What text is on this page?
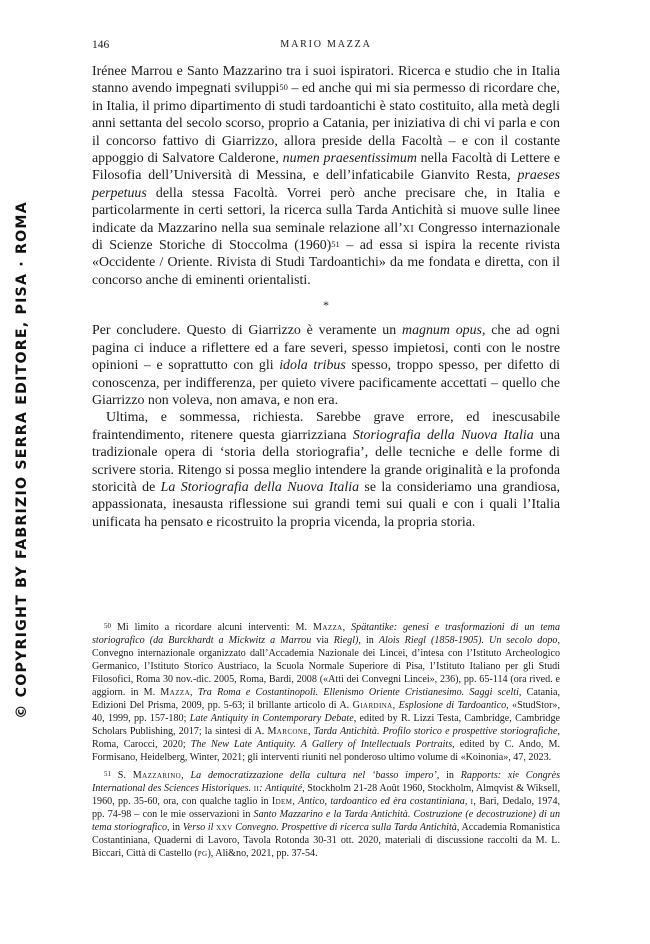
© COPYRIGHT BY FABRIZIO SERRA EDITORE, PISA · ROMA
146	MARIO MAZZA

Irénee Marrou e Santo Mazzarino tra i suoi ispiratori. Ricerca e studio che in Italia stanno avendo impegnati sviluppi$^{50}$ – ed anche qui mi sia permesso di ricordare che, in Italia, il primo dipartimento di studi tardoantichi è stato costituito, alla metà degli anni settanta del secolo scorso, proprio a Catania, per iniziativa di chi vi parla e con il concorso fattivo di Giarrizzo, allora preside della Facoltà – e con il costante appoggio di Salvatore Calderone, numen praesentissimum nella Facoltà di Lettere e Filosofia dell’Università di Messina, e dell’infaticabile Gianvito Resta, praeses perpetuus della stessa Facoltà. Vorrei però anche precisare che, in Italia e particolarmente in certi settori, la ricerca sulla Tarda Antichità si muove sulle linee indicate da Mazzarino nella sua seminale relazione all’xi Congresso internazionale di Scienze Storiche di Stoccolma $(1960)^{51}$ – ad essa si ispira la recente rivista «Occidente / Oriente. Rivista di Studi Tardoantichi» da me fondata e diretta, con il concorso anche di eminenti orientalisti.

*

Per concludere. Questo di Giarrizzo è veramente un magnum opus, che ad ogni pagina ci induce a riflettere ed a fare severi, spesso impietosi, conti con le nostre opinioni – e soprattutto con gli idola tribus spesso, troppo spesso, per difetto di conoscenza, per indifferenza, per quieto vivere pacificamente accettati – quello che Giarrizzo non voleva, non amava, e non era.

Ultima, e sommessa, richiesta. Sarebbe grave errore, ed inescusabile fraintendimento, ritenere questa giarrizziana Storiografia della Nuova Italia una tradizionale opera di ‘storia della storiografia’, delle tecniche e delle forme di scrivere storia. Ritengo si possa meglio intendere la grande originalità e la profonda storicità de La Storiografia della Nuova Italia se la consideriamo una grandiosa, appassionata, inesausta riflessione sui grandi temi sui quali e con i quali l’Italia unificata ha pensato e ricostruito la propria vicenda, la propria storia.

$^{50}$ Mi limito a ricordare alcuni interventi: M. Mazza, Spätantike: genesi e trasformazioni di un tema storiografico (da Burckhardt a Mickwitz a Marrou via Riegl), in Alois Riegl (1858-1905). Un secolo dopo, Convegno internazionale organizzato dall’Accademia Nazionale dei Lincei, d’intesa con l’Istituto Archeologico Germanico, l’Istituto Storico Austriaco, la Scuola Normale Superiore di Pisa, l’Istituto Italiano per gli Studi Filosofici, Roma 30 nov.-dic. 2005, Roma, Bardi, 2008 («Atti dei Convegni Lincei», 236), pp. 65-114 (ora rived. e aggiorn. in M. Mazza, Tra Roma e Costantinopoli. Ellenismo Oriente Cristianesimo. Saggi scelti, Catania, Edizioni Del Prisma, 2009, pp. 5-63; il brillante articolo di A. Giardina, Esplosione di Tardoantico, «StudStor», 40, 1999, pp. 157-180; Late Antiquity in Contemporary Debate, edited by R. Lizzi Testa, Cambridge, Cambridge Scholars Publishing, 2017; la sintesi di A. Marcone, Tarda Antichità. Profilo storico e prospettive storiografiche, Roma, Carocci, 2020; The New Late Antiquity. A Gallery of Intellectuals Portraits, edited by C. Ando, M. Formisano, Heidelberg, Winter, 2021; gli interventi riuniti nel ponderoso ultimo volume di «Koinonia», 47, 2023.

$^{51}$ S. Mazzarino, La democratizzazione della cultura nel ‘basso impero’, in Rapports: $xi^e$ Congrès International des Sciences Historiques. ii: Antiquité, Stockholm 21-28 Août 1960, Stockholm, Almqvist & Wiksell, 1960, pp. 35-60, ora, con qualche taglio in Idem, Antico, tardoantico ed èra costantiniana, i, Bari, Dedalo, 1974, pp. 74-98 – con le mie osservazioni in Santo Mazzarino e la Tarda Antichità. Costruzione (e decostruzione) di un tema storiografico, in Verso il xxv Convegno. Prospettive di ricerca sulla Tarda Antichità, Accademia Romanistica Costantiniana, Quaderni di Lavoro, Tavola Rotonda 30-31 ott. 2020, materiali di discussione raccolti da M. L. Biccari, Città di Castello (pg), Ali&no, 2021, pp. 37-54.
